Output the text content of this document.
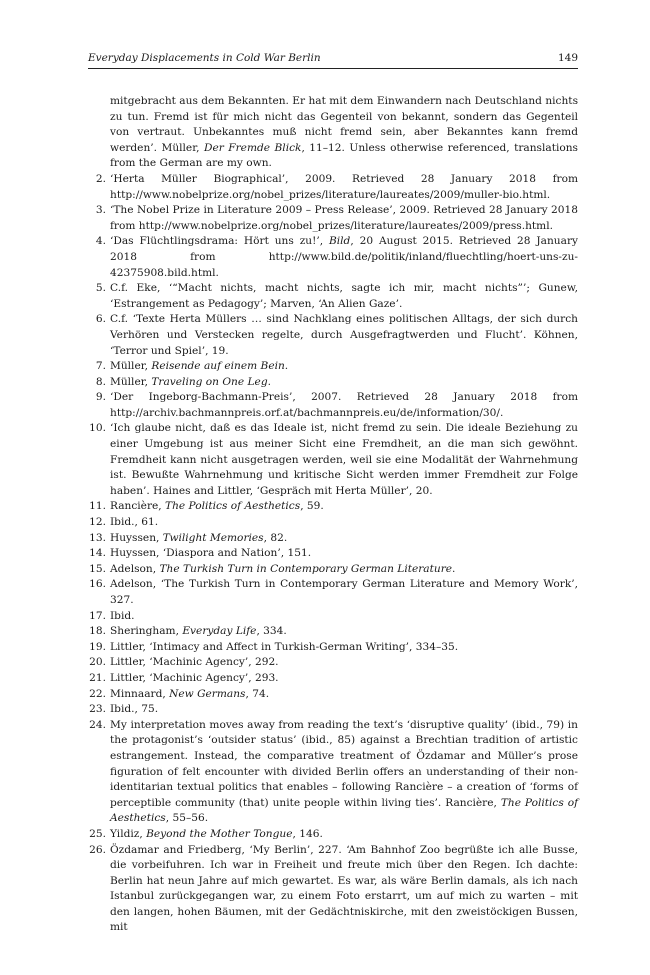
Everyday Displacements in Cold War Berlin	149
mitgebracht aus dem Bekannten. Er hat mit dem Einwandern nach Deutschland nichts zu tun. Fremd ist für mich nicht das Gegenteil von bekannt, sondern das Gegenteil von vertraut. Unbekanntes muß nicht fremd sein, aber Bekanntes kann fremd werden’. Müller, Der Fremde Blick, 11–12. Unless otherwise referenced, translations from the German are my own.
2. ‘Herta Müller Biographical’, 2009. Retrieved 28 January 2018 from http://www.nobelprize.org/nobel_prizes/literature/laureates/2009/muller-bio.html.
3. ‘The Nobel Prize in Literature 2009 – Press Release’, 2009. Retrieved 28 January 2018 from http://www.nobelprize.org/nobel_prizes/literature/laureates/2009/press.html.
4. ‘Das Flüchtlingsdrama: Hört uns zu!’, Bild, 20 August 2015. Retrieved 28 January 2018 from http://www.bild.de/politik/inland/fluechtling/hoert-uns-zu-42375908.bild.html.
5. C.f. Eke, ‘“Macht nichts, macht nichts, sagte ich mir, macht nichts”’; Gunew, ‘Estrangement as Pedagogy’; Marven, ‘An Alien Gaze’.
6. C.f. ‘Texte Herta Müllers … sind Nachklang eines politischen Alltags, der sich durch Verhören und Verstecken regelte, durch Ausgefragtwerden und Flucht’. Köhnen, ‘Terror und Spiel’, 19.
7. Müller, Reisende auf einem Bein.
8. Müller, Traveling on One Leg.
9. ‘Der Ingeborg-Bachmann-Preis’, 2007. Retrieved 28 January 2018 from http://archiv.bachmannpreis.orf.at/bachmannpreis.eu/de/information/30/.
10. ‘Ich glaube nicht, daß es das Ideale ist, nicht fremd zu sein. Die ideale Beziehung zu einer Umgebung ist aus meiner Sicht eine Fremdheit, an die man sich gewöhnt. Fremdheit kann nicht ausgetragen werden, weil sie eine Modalität der Wahrnehmung ist. Bewußte Wahrnehmung und kritische Sicht werden immer Fremdheit zur Folge haben’. Haines and Littler, ‘Gespräch mit Herta Müller’, 20.
11. Rancière, The Politics of Aesthetics, 59.
12. Ibid., 61.
13. Huyssen, Twilight Memories, 82.
14. Huyssen, ‘Diaspora and Nation’, 151.
15. Adelson, The Turkish Turn in Contemporary German Literature.
16. Adelson, ‘The Turkish Turn in Contemporary German Literature and Memory Work’, 327.
17. Ibid.
18. Sheringham, Everyday Life, 334.
19. Littler, ‘Intimacy and Affect in Turkish-German Writing’, 334–35.
20. Littler, ‘Machinic Agency’, 292.
21. Littler, ‘Machinic Agency’, 293.
22. Minnaard, New Germans, 74.
23. Ibid., 75.
24. My interpretation moves away from reading the text’s ‘disruptive quality’ (ibid., 79) in the protagonist’s ‘outsider status’ (ibid., 85) against a Brechtian tradition of artistic estrangement. Instead, the comparative treatment of Özdamar and Müller’s prose figuration of felt encounter with divided Berlin offers an understanding of their non-identitarian textual politics that enables – following Rancière – a creation of ‘forms of perceptible community (that) unite people within living ties’. Rancière, The Politics of Aesthetics, 55–56.
25. Yildiz, Beyond the Mother Tongue, 146.
26. Özdamar and Friedberg, ‘My Berlin’, 227. ‘Am Bahnhof Zoo begrüßte ich alle Busse, die vorbeifuhren. Ich war in Freiheit und freute mich über den Regen. Ich dachte: Berlin hat neun Jahre auf mich gewartet. Es war, als wäre Berlin damals, als ich nach Istanbul zurückgegangen war, zu einem Foto erstarrt, um auf mich zu warten – mit den langen, hohen Bäumen, mit der Gedächtniskirche, mit den zweistöckigen Bussen, mit
